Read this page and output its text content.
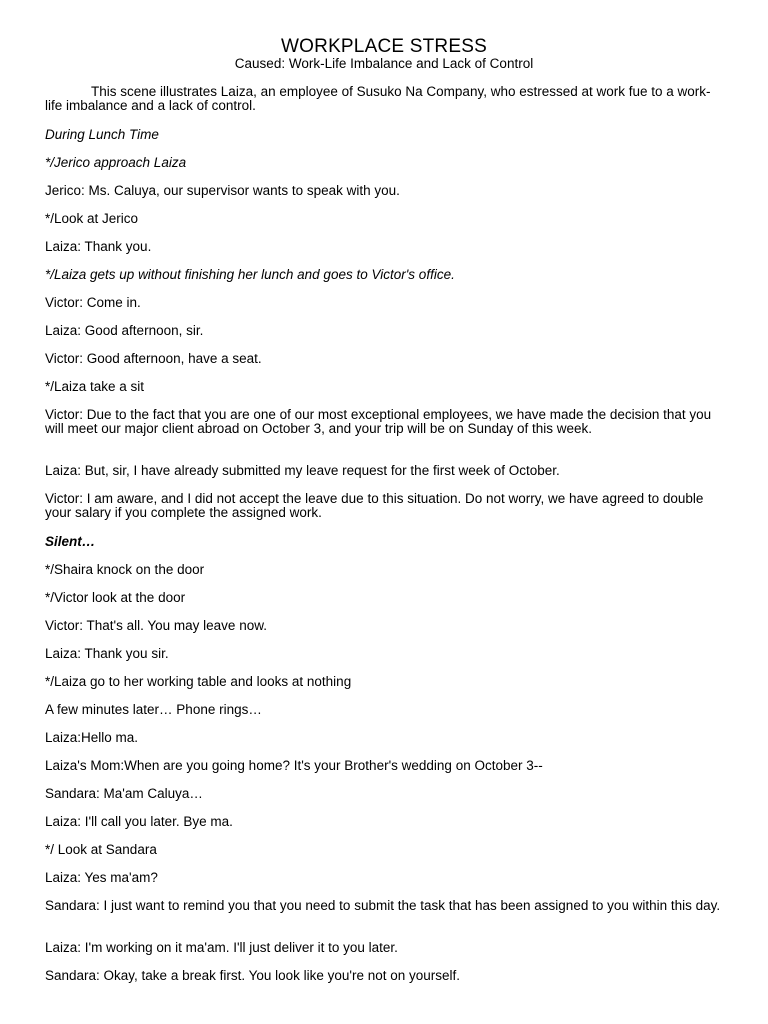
WORKPLACE STRESS
Caused: Work-Life Imbalance and Lack of Control

This scene illustrates Laiza, an employee of Susuko Na Company, who estressed at work fue to a work-life imbalance and a lack of control.

During Lunch Time

*/Jerico approach Laiza

Jerico: Ms. Caluya, our supervisor wants to speak with you.

*/Look at Jerico

Laiza: Thank you.

*/Laiza gets up without finishing her lunch and goes to Victor's office.

Victor: Come in.

Laiza: Good afternoon, sir.

Victor: Good afternoon, have a seat.

*/Laiza take a sit

Victor: Due to the fact that you are one of our most exceptional employees, we have made the decision that you will meet our major client abroad on October 3, and your trip will be on Sunday of this week.

Laiza: But, sir, I have already submitted my leave request for the first week of October.

Victor: I am aware, and I did not accept the leave due to this situation. Do not worry, we have agreed to double your salary if you complete the assigned work.

Silent…

*/Shaira knock on the door

*/Victor look at the door

Victor: That's all. You may leave now.

Laiza: Thank you sir.

*/Laiza go to her working table and looks at nothing

A few minutes later… Phone rings…

Laiza:Hello ma.

Laiza's Mom:When are you going home? It's your Brother's wedding on October 3--

Sandara: Ma'am Caluya…

Laiza: I'll call you later. Bye ma.

*/ Look at Sandara

Laiza: Yes ma'am?

Sandara: I just want to remind you that you need to submit the task that has been assigned to you within this day.

Laiza: I'm working on it ma'am. I'll just deliver it to you later.

Sandara: Okay, take a break first. You look like you're not on yourself.
